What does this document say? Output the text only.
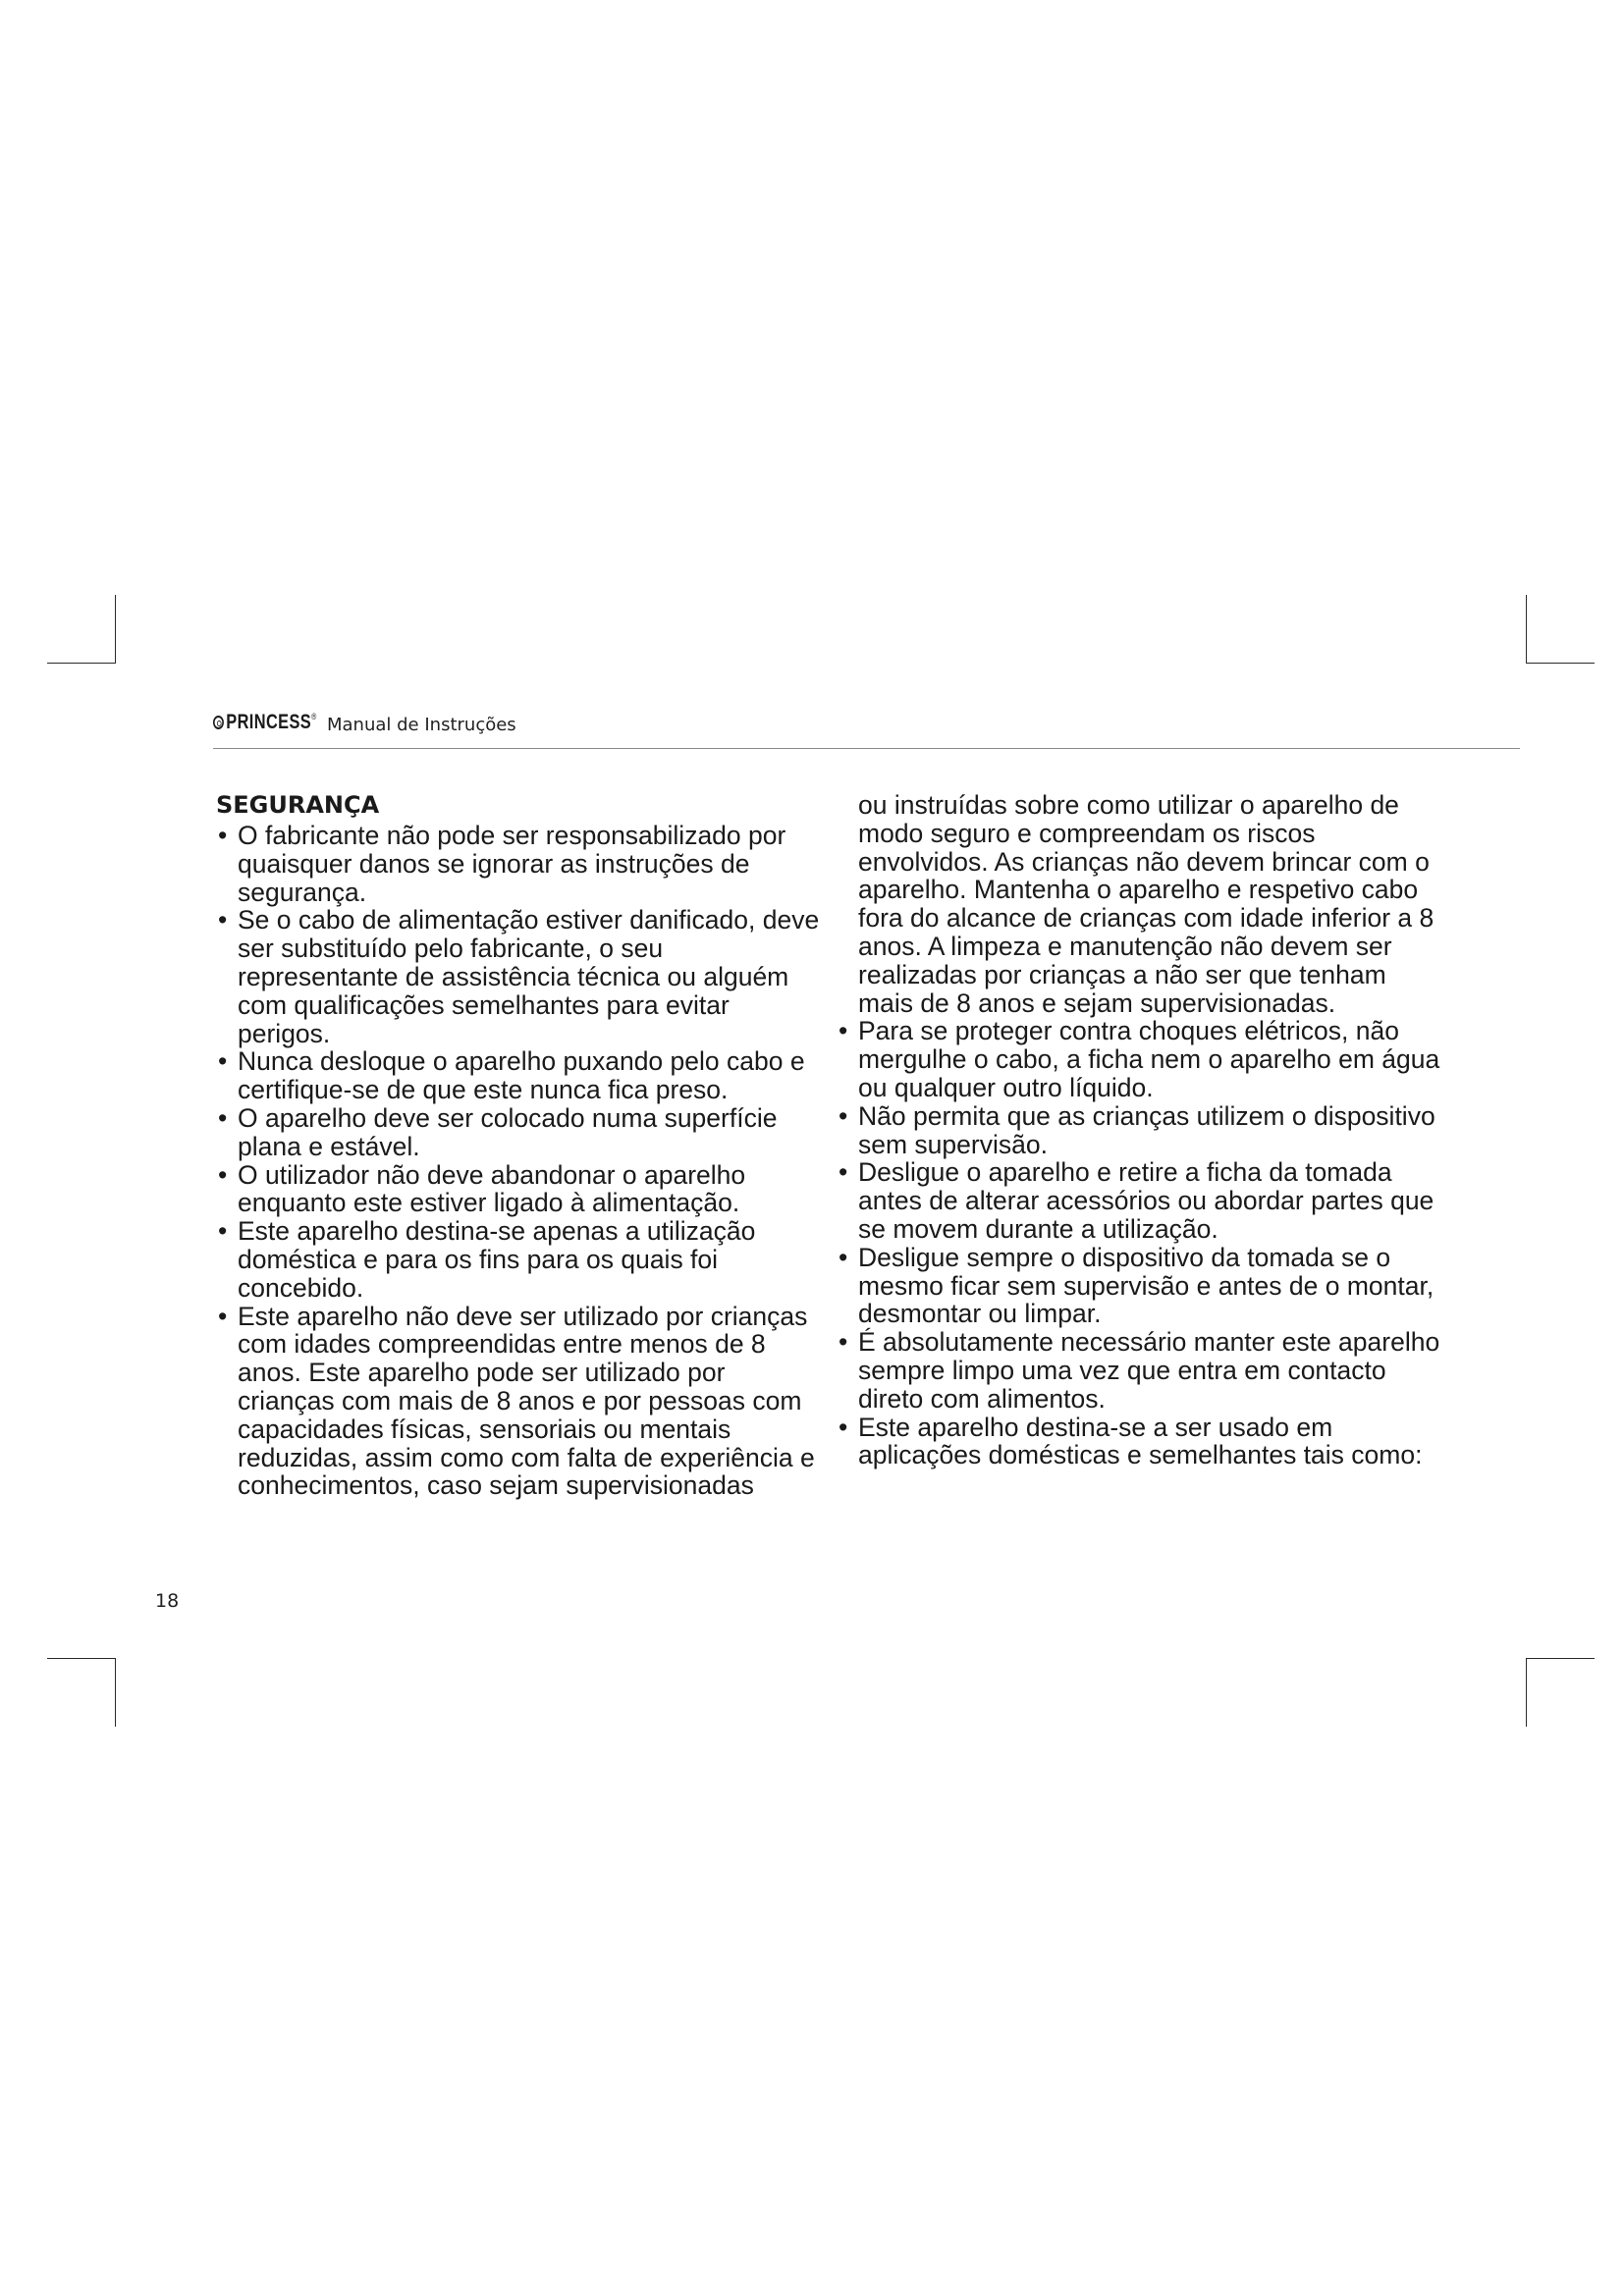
PRINCESS® Manual de Instruções
SEGURANÇA
• O fabricante não pode ser responsabilizado por quaisquer danos se ignorar as instruções de segurança.
• Se o cabo de alimentação estiver danificado, deve ser substituído pelo fabricante, o seu representante de assistência técnica ou alguém com qualificações semelhantes para evitar perigos.
• Nunca desloque o aparelho puxando pelo cabo e certifique-se de que este nunca fica preso.
• O aparelho deve ser colocado numa superfície plana e estável.
• O utilizador não deve abandonar o aparelho enquanto este estiver ligado à alimentação.
• Este aparelho destina-se apenas a utilização doméstica e para os fins para os quais foi concebido.
• Este aparelho não deve ser utilizado por crianças com idades compreendidas entre menos de 8 anos. Este aparelho pode ser utilizado por crianças com mais de 8 anos e por pessoas com capacidades físicas, sensoriais ou mentais reduzidas, assim como com falta de experiência e conhecimentos, caso sejam supervisionadas
ou instruídas sobre como utilizar o aparelho de modo seguro e compreendam os riscos envolvidos. As crianças não devem brincar com o aparelho. Mantenha o aparelho e respetivo cabo fora do alcance de crianças com idade inferior a 8 anos. A limpeza e manutenção não devem ser realizadas por crianças a não ser que tenham mais de 8 anos e sejam supervisionadas.
• Para se proteger contra choques elétricos, não mergulhe o cabo, a ficha nem o aparelho em água ou qualquer outro líquido.
• Não permita que as crianças utilizem o dispositivo sem supervisão.
• Desligue o aparelho e retire a ficha da tomada antes de alterar acessórios ou abordar partes que se movem durante a utilização.
• Desligue sempre o dispositivo da tomada se o mesmo ficar sem supervisão e antes de o montar, desmontar ou limpar.
• É absolutamente necessário manter este aparelho sempre limpo uma vez que entra em contacto direto com alimentos.
• Este aparelho destina-se a ser usado em aplicações domésticas e semelhantes tais como:
18
